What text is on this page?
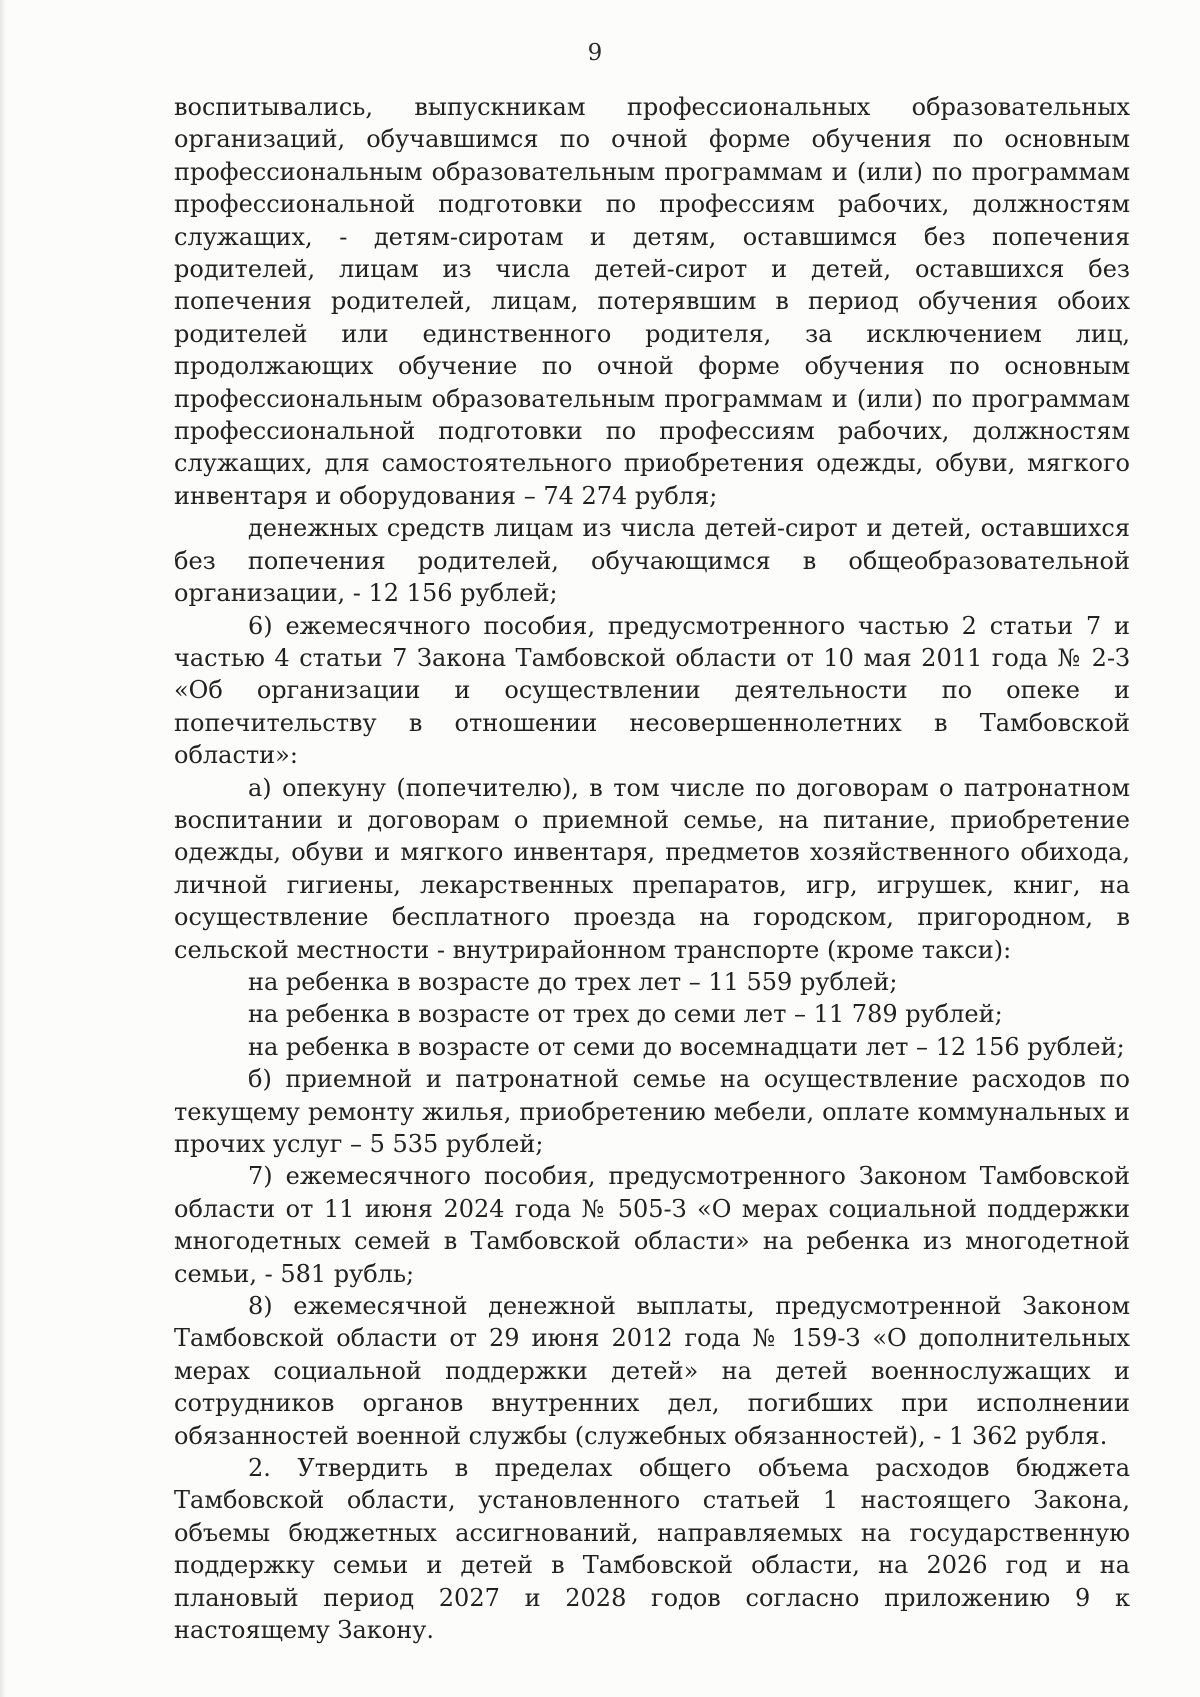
9

воспитывались, выпускникам профессиональных образовательных организаций, обучавшимся по очной форме обучения по основным профессиональным образовательным программам и (или) по программам профессиональной подготовки по профессиям рабочих, должностям служащих, - детям-сиротам и детям, оставшимся без попечения родителей, лицам из числа детей-сирот и детей, оставшихся без попечения родителей, лицам, потерявшим в период обучения обоих родителей или единственного родителя, за исключением лиц, продолжающих обучение по очной форме обучения по основным профессиональным образовательным программам и (или) по программам профессиональной подготовки по профессиям рабочих, должностям служащих, для самостоятельного приобретения одежды, обуви, мягкого инвентаря и оборудования – 74 274 рубля;

денежных средств лицам из числа детей-сирот и детей, оставшихся без попечения родителей, обучающимся в общеобразовательной организации, - 12 156 рублей;

6) ежемесячного пособия, предусмотренного частью 2 статьи 7 и частью 4 статьи 7 Закона Тамбовской области от 10 мая 2011 года № 2-З «Об организации и осуществлении деятельности по опеке и попечительству в отношении несовершеннолетних в Тамбовской области»:

а) опекуну (попечителю), в том числе по договорам о патронатном воспитании и договорам о приемной семье, на питание, приобретение одежды, обуви и мягкого инвентаря, предметов хозяйственного обихода, личной гигиены, лекарственных препаратов, игр, игрушек, книг, на осуществление бесплатного проезда на городском, пригородном, в сельской местности - внутрирайонном транспорте (кроме такси):

на ребенка в возрасте до трех лет – 11 559 рублей;

на ребенка в возрасте от трех до семи лет – 11 789 рублей;

на ребенка в возрасте от семи до восемнадцати лет – 12 156 рублей;

б) приемной и патронатной семье на осуществление расходов по текущему ремонту жилья, приобретению мебели, оплате коммунальных и прочих услуг – 5 535 рублей;

7) ежемесячного пособия, предусмотренного Законом Тамбовской области от 11 июня 2024 года № 505-З «О мерах социальной поддержки многодетных семей в Тамбовской области» на ребенка из многодетной семьи, - 581 рубль;

8) ежемесячной денежной выплаты, предусмотренной Законом Тамбовской области от 29 июня 2012 года № 159-З «О дополнительных мерах социальной поддержки детей» на детей военнослужащих и сотрудников органов внутренних дел, погибших при исполнении обязанностей военной службы (служебных обязанностей), - 1 362 рубля.

2. Утвердить в пределах общего объема расходов бюджета Тамбовской области, установленного статьей 1 настоящего Закона, объемы бюджетных ассигнований, направляемых на государственную поддержку семьи и детей в Тамбовской области, на 2026 год и на плановый период 2027 и 2028 годов согласно приложению 9 к настоящему Закону.
